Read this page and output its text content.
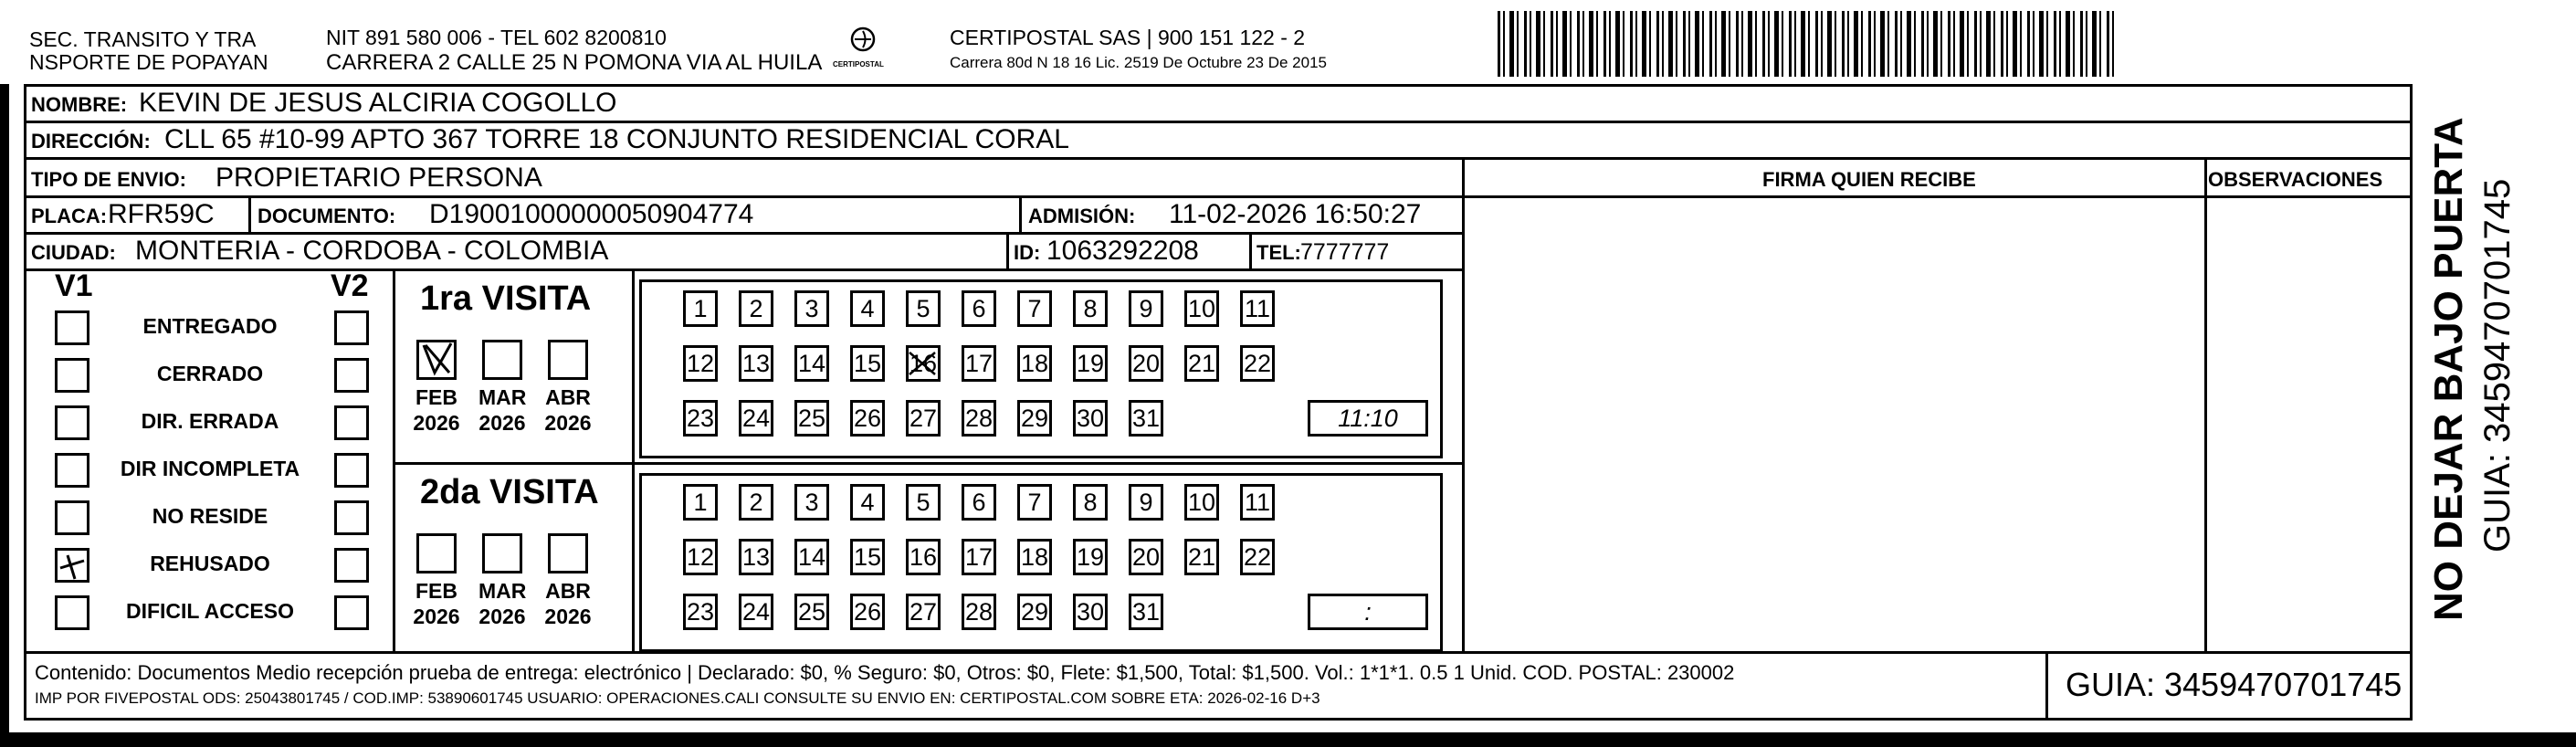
SEC. TRANSITO Y TRA
NSPORTE DE POPAYAN
NIT 891 580 006 - TEL 602 8200810
CARRERA 2 CALLE 25 N POMONA VIA AL HUILA CERTIPOSTAL
CERTIPOSTAL SAS | 900 151 122 - 2
Carrera 80d N 18 16 Lic. 2519 De Octubre 23 De 2015
NOMBRE: KEVIN DE JESUS ALCIRIA COGOLLO
DIRECCIÓN: CLL 65 #10-99 APTO 367 TORRE 18 CONJUNTO RESIDENCIAL CORAL
TIPO DE ENVIO: PROPIETARIO PERSONA	FIRMA QUIEN RECIBE	OBSERVACIONES
PLACA: RFR59C DOCUMENTO: D19001000000050904774	ADMISIÓN: 11-02-2026 16:50:27
CIUDAD: MONTERIA - CORDOBA - COLOMBIA	ID: 1063292208	TEL: 7777777
V1	V2
ENTREGADO
CERRADO
DIR. ERRADA
DIR INCOMPLETA
NO RESIDE
REHUSADO
DIFICIL ACCESO
1ra VISITA
FEB
2026
MAR
2026
ABR
2026
1	2	3	4	5	6	7	8	9	10 11
12 13 14 15 16 17 18 19 20 21 22
23 24 25 26 27 28 29 30 31	11:10
2da VISITA
FEB
2026
MAR
2026
ABR
2026
1	2	3	4	5	6	7	8	9	10 11
12 13 14 15 16 17 18 19 20 21 22
23 24 25 26 27 28 29 30 31	:
Contenido: Documentos Medio recepción prueba de entrega: electrónico | Declarado: $0, % Seguro: $0, Otros: $0, Flete: $1,500, Total: $1,500. Vol.: 1*1*1. 0.5 1 Unid. COD. POSTAL: 230002
IMP POR FIVEPOSTAL ODS: 25043801745 / COD.IMP: 53890601745 USUARIO: OPERACIONES.CALI CONSULTE SU ENVIO EN: CERTIPOSTAL.COM SOBRE ETA: 2026-02-16 D+3	GUIA: 3459470701745
NO DEJAR BAJO PUERTA GUIA: 3459470701745
